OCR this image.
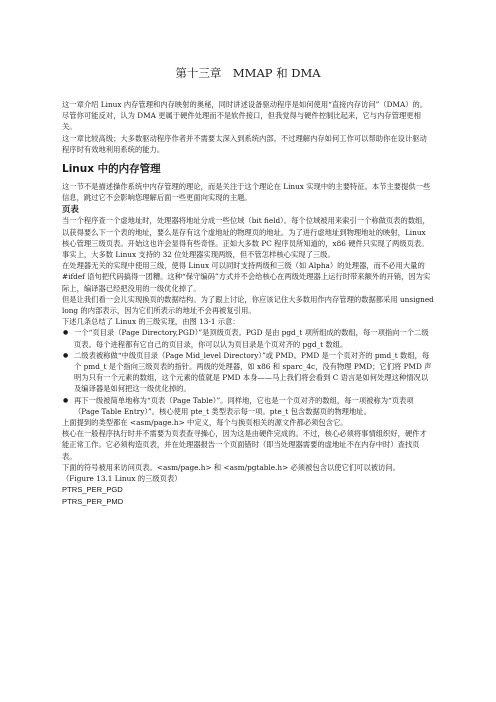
第十三章　MMAP 和 DMA

这一章介绍 Linux 内存管理和内存映射的奥秘，同时讲述设备驱动程序是如何使用“直接内存访问”（DMA）的。尽管你可能反对，认为 DMA 更属于硬件处理而不是软件接口，但我觉得与硬件控制比起来，它与内存管理更相关。

这一章比较高级；大多数驱动程序作者并不需要太深入到系统内部。不过理解内存如何工作可以帮助你在设计驱动程序时有效地利用系统的能力。

Linux 中的内存管理

这一节不是描述操作系统中内存管理的理论，而是关注于这个理论在 Linux 实现中的主要特征。本节主要提供一些信息，跳过它不会影响您理解后面一些更面向实现的主题。

页表

当一个程序查一个虚地址时，处理器将地址分成一些位域（bit field）。每个位域被用来索引一个称做页表的数组，以获得要么下一个表的地址，要么是存有这个虚地址的物理页的地址。为了进行虚地址到物理地址的映射，Linux 核心管理三级页表。开始这也许会显得有些奇怪。正如大多数 PC 程序员所知道的，x86 硬件只实现了两级页表。事实上，大多数 Linux 支持的 32 位处理器实现两级，但不管怎样核心实现了三级。

在处理器无关的实现中使用三级，使得 Linux 可以同时支持两级和三级（如 Alpha）的处理器，而不必用大量的 #ifdef 语句把代码搞得一团糟。这种“保守编码”方式并不会给核心在两级处理器上运行时带来额外的开销，因为实际上，编译器已经把没用的一级优化掉了。

但是让我们看一会儿实现换页的数据结构。为了跟上讨论，你应该记住大多数用作内存管理的数据都采用 unsigned long 的内部表示，因为它们所表示的地址不会再被复引用。

下述几条总结了 Linux 的三级实现，由图 13-1 示意：

● 一个“页目录（Page Directory,PGD）”是顶级页表。PGD 是由 pgd_t 项所组成的数组，每一项指向一个二级页表。每个进程都有它自己的页目录，你可以认为页目录是个页对齐的 pgd_t 数组。
● 二级表被称做“中级页目录（Page Mid_level Directory）”或 PMD。PMD 是一个页对齐的 pmd_t 数组，每个 pmd_t 是个指向三级页表的指针。两级的处理器，如 x86 和 sparc_4c，没有物理 PMD；它们将 PMD 声明为只有一个元素的数组，这个元素的值就是 PMD 本身——马上我们将会看到 C 语言是如何处理这种情况以及编译器是如何把这一级优化掉的。
● 再下一级被简单地称为“页表（Page Table）”。同样地，它也是一个页对齐的数组，每一项被称为“页表项（Page Table Entry）”。核心使用 pte_t 类型表示每一项。pte_t 包含数据页的物理地址。

上面提到的类型都在 <asm/page.h> 中定义，每个与换页相关的源文件都必须包含它。

核心在一般程序执行时并不需要为页表查寻操心，因为这是由硬件完成的。不过，核心必须将事情组织好，硬件才能正常工作。它必须构造页表，并在处理器报告一个页面错时（即当处理器需要的虚地址不在内存中时）查找页表。

下面的符号被用来访问页表。<asm/page.h> 和 <asm/pgtable.h> 必须被包含以使它们可以被访问。

（Figure 13.1 Linux 的三级页表）

PTRS_PER_PGD

PTRS_PER_PMD
